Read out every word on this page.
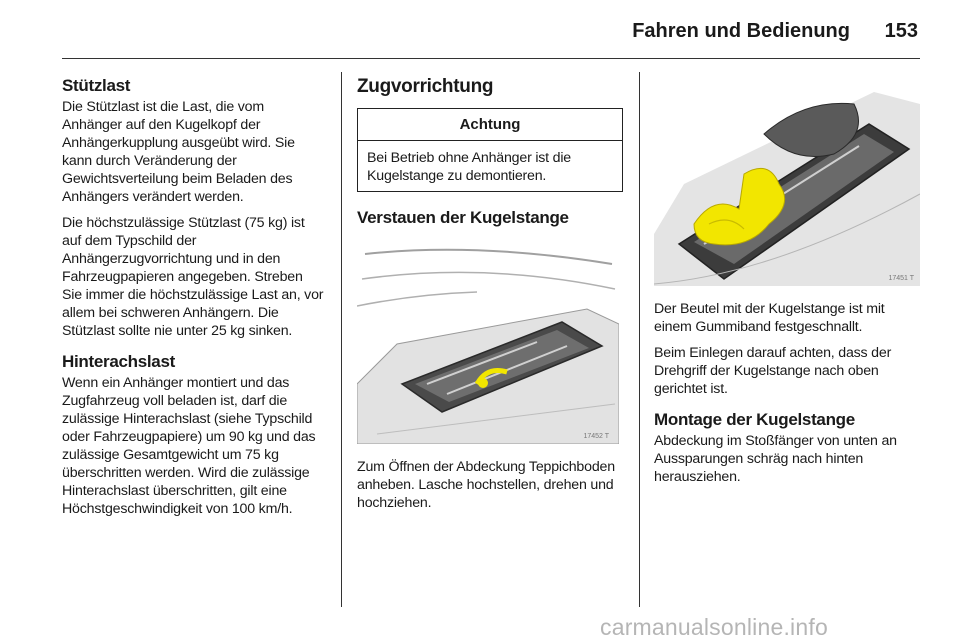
Fahren und Bedienung 153
Stützlast

Die Stützlast ist die Last, die vom Anhänger auf den Kugelkopf der Anhängerkupplung ausgeübt wird. Sie kann durch Veränderung der Gewichtsverteilung beim Beladen des Anhängers verändert werden.

Die höchstzulässige Stützlast (75 kg) ist auf dem Typschild der Anhängerzugvorrichtung und in den Fahrzeugpapieren angegeben. Streben Sie immer die höchstzulässige Last an, vor allem bei schweren Anhängern. Die Stützlast sollte nie unter 25 kg sinken.

Hinterachslast

Wenn ein Anhänger montiert und das Zugfahrzeug voll beladen ist, darf die zulässige Hinterachslast (siehe Typschild oder Fahrzeugpapiere) um 90 kg und das zulässige Gesamtgewicht um 75 kg überschritten werden. Wird die zulässige Hinterachslast überschritten, gilt eine Höchstgeschwindigkeit von 100 km/h.

Zugvorrichtung
Achtung
Bei Betrieb ohne Anhänger ist die Kugelstange zu demontieren.
Verstauen der Kugelstange
17452 T

Zum Öffnen der Abdeckung Teppichboden anheben. Lasche hochstellen, drehen und hochziehen.

17451 T

Der Beutel mit der Kugelstange ist mit einem Gummiband festgeschnallt.

Beim Einlegen darauf achten, dass der Drehgriff der Kugelstange nach oben gerichtet ist.

Montage der Kugelstange

Abdeckung im Stoßfänger von unten an Aussparungen schräg nach hinten herausziehen.

carmanualsonline.info
